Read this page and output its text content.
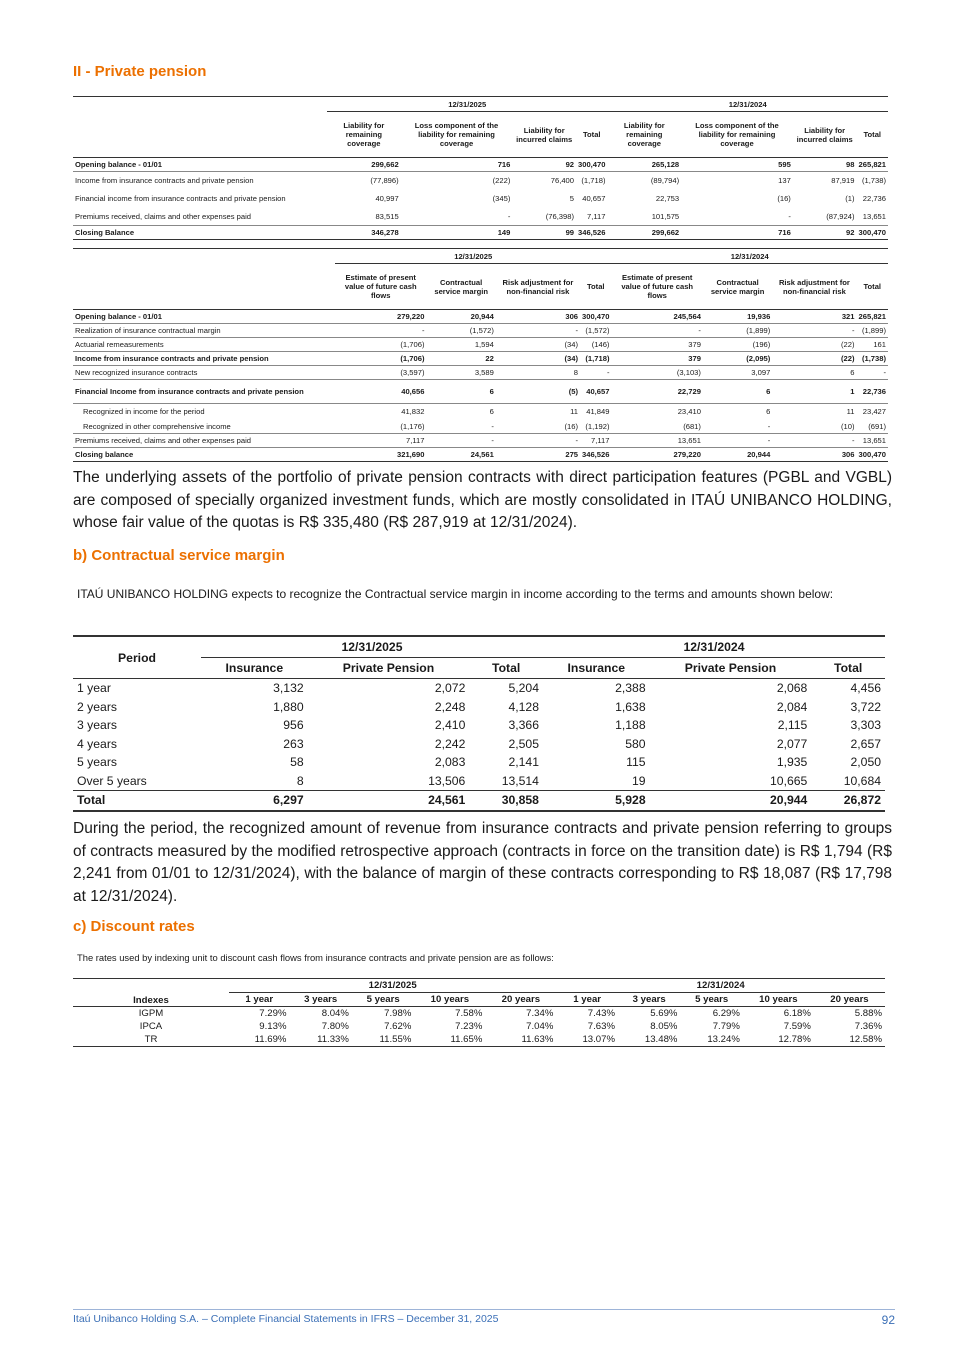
II - Private pension
	12/31/2025				12/31/2024			
	Liability for remaining coverage	Loss component of the liability for remaining coverage	Liability for incurred claims	Total	Liability for remaining coverage	Loss component of the liability for remaining coverage	Liability for incurred claims	Total
Opening balance - 01/01	299,662	716	92	300,470	265,128	595	98	265,821
Income from insurance contracts and private pension	(77,896)	(222)	76,400	(1,718)	(89,794)	137	87,919	(1,738)
Financial income from insurance contracts and private pension	40,997	(345)	5	40,657	22,753	(16)	(1)	22,736
Premiums received, claims and other expenses paid	83,515	-	(76,398)	7,117	101,575	-	(87,924)	13,651
Closing Balance	346,278	149	99	346,526	299,662	716	92	300,470
	12/31/2025				12/31/2024			
	Estimate of present value of future cash flows	Contractual service margin	Risk adjustment for non-financial risk	Total	Estimate of present value of future cash flows	Contractual service margin	Risk adjustment for non-financial risk	Total
Opening balance - 01/01	279,220	20,944	306	300,470	245,564	19,936	321	265,821
Realization of insurance contractual margin	-	(1,572)	-	(1,572)	-	(1,899)	-	(1,899)
Actuarial remeasurements	(1,706)	1,594	(34)	(146)	379	(196)	(22)	161
Income from insurance contracts and private pension	(1,706)	22	(34)	(1,718)	379	(2,095)	(22)	(1,738)
New recognized insurance contracts	(3,597)	3,589	8	-	(3,103)	3,097	6	-
Financial Income from insurance contracts and private pension	40,656	6	(5)	40,657	22,729	6	1	22,736
Recognized in income for the period	41,832	6	11	41,849	23,410	6	11	23,427
Recognized in other comprehensive income	(1,176)	-	(16)	(1,192)	(681)	-	(10)	(691)
Premiums received, claims and other expenses paid	7,117	-	-	7,117	13,651	-	-	13,651
Closing balance	321,690	24,561	275	346,526	279,220	20,944	306	300,470
The underlying assets of the portfolio of private pension contracts with direct participation features (PGBL and VGBL) are composed of specially organized investment funds, which are mostly consolidated in ITAÚ UNIBANCO HOLDING, whose fair value of the quotas is R$ 335,480 (R$ 287,919 at 12/31/2024).
b) Contractual service margin
ITAÚ UNIBANCO HOLDING expects to recognize the Contractual service margin in income according to the terms and amounts shown below:
Period	12/31/2025			12/31/2024		
	Insurance	Private Pension	Total	Insurance	Private Pension	Total
1 year	3,132	2,072	5,204	2,388	2,068	4,456
2 years	1,880	2,248	4,128	1,638	2,084	3,722
3 years	956	2,410	3,366	1,188	2,115	3,303
4 years	263	2,242	2,505	580	2,077	2,657
5 years	58	2,083	2,141	115	1,935	2,050
Over 5 years	8	13,506	13,514	19	10,665	10,684
Total	6,297	24,561	30,858	5,928	20,944	26,872
During the period, the recognized amount of revenue from insurance contracts and private pension referring to groups of contracts measured by the modified retrospective approach (contracts in force on the transition date) is R$ 1,794 (R$ 2,241 from 01/01 to 12/31/2024), with the balance of margin of these contracts corresponding to R$ 18,087 (R$ 17,798 at 12/31/2024).
c) Discount rates
The rates used by indexing unit to discount cash flows from insurance contracts and private pension are as follows:
Indexes	12/31/2025					12/31/2024				
	1 year	3 years	5 years	10 years	20 years	1 year	3 years	5 years	10 years	20 years
IGPM	7.29%	8.04%	7.98%	7.58%	7.34%	7.43%	5.69%	6.29%	6.18%	5.88%
IPCA	9.13%	7.80%	7.62%	7.23%	7.04%	7.63%	8.05%	7.79%	7.59%	7.36%
TR	11.69%	11.33%	11.55%	11.65%	11.63%	13.07%	13.48%	13.24%	12.78%	12.58%
Itaú Unibanco Holding S.A. – Complete Financial Statements in IFRS – December 31, 2025	92
